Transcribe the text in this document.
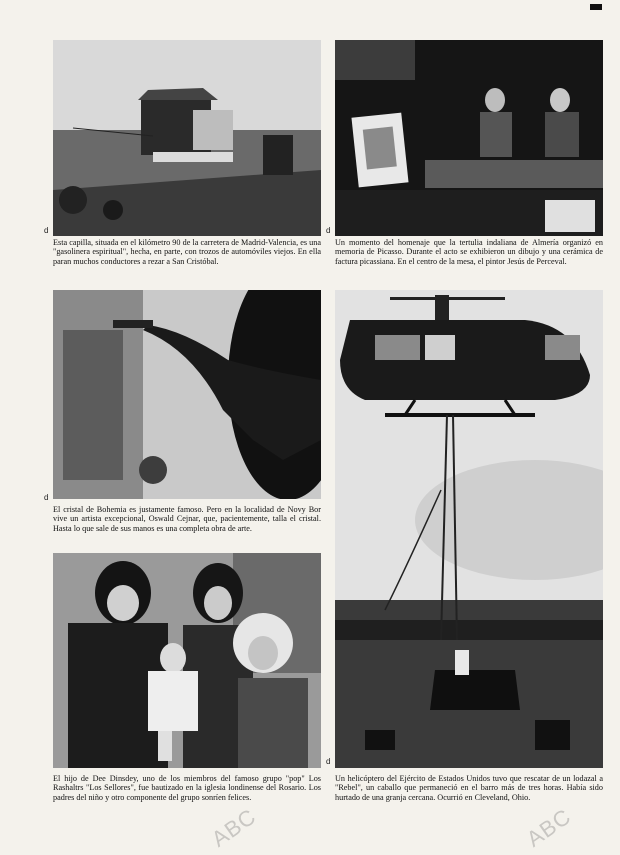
Esta capilla, situada en el kilómetro 90 de la carretera de Madrid-Valencia, es una "gasolinera espiritual", hecha, en parte, con trozos de automóviles viejos. En ella paran muchos conductores a rezar a San Cristóbal.

Un momento del homenaje que la tertulia indaliana de Almería organizó en memoria de Picasso. Durante el acto se exhibieron un dibujo y una cerámica de factura picassiana. En el centro de la mesa, el pintor Jesús de Perceval.

El cristal de Bohemia es justamente famoso. Pero en la localidad de Novy Bor vive un artista excepcional, Oswald Cejnar, que, pacientemente, talla el cristal. Hasta lo que sale de sus manos es una completa obra de arte.

Un helicóptero del Ejército de Estados Unidos tuvo que rescatar de un lodazal a "Rebel", un caballo que permaneció en el barro más de tres horas. Había sido hurtado de una granja cercana. Ocurrió en Cleveland, Ohio.

El hijo de Dee Dinsdey, uno de los miembros del famoso grupo "pop" Los Rashaltrs "Los Sellores", fue bautizado en la iglesia londinense del Rosario. Los padres del niño y otro componente del grupo sonríen felices.

d	d
d
d
ABC	ABC
